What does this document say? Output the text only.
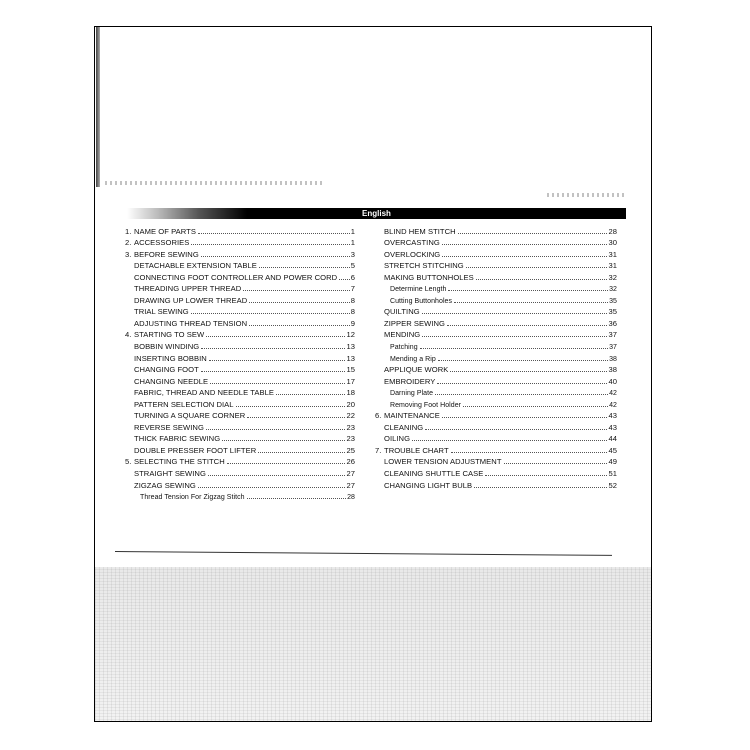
English
1. NAME OF PARTS	1
2. ACCESSORIES	1
3. BEFORE SEWING	3
DETACHABLE EXTENSION TABLE	5
CONNECTING FOOT CONTROLLER AND POWER CORD 6
THREADING UPPER THREAD	7
DRAWING UP LOWER THREAD	8
TRIAL SEWING	8
ADJUSTING THREAD TENSION	9
4. STARTING TO SEW	12
BOBBIN WINDING	13
INSERTING BOBBIN	13
CHANGING FOOT	15
CHANGING NEEDLE	17
FABRIC, THREAD AND NEEDLE TABLE	18
PATTERN SELECTION DIAL	20
TURNING A SQUARE CORNER	22
REVERSE SEWING	23
THICK FABRIC SEWING	23
DOUBLE PRESSER FOOT LIFTER	25
5. SELECTING THE STITCH	26
STRAIGHT SEWING	27
ZIGZAG SEWING	27
Thread Tension For Zigzag Stitch	28
BLIND HEM STITCH	28
OVERCASTING	30
OVERLOCKING	31
STRETCH STITCHING	31
MAKING BUTTONHOLES	32
Determine Length	32
Cutting Buttonholes	35
QUILTING	35
ZIPPER SEWING	36
MENDING	37
Patching	37
Mending a Rip	38
APPLIQUE WORK	38
EMBROIDERY	40
Darning Plate	42
Removing Foot Holder	42
6. MAINTENANCE	43
CLEANING	43
OILING	44
7. TROUBLE CHART	45
LOWER TENSION ADJUSTMENT	49
CLEANING SHUTTLE CASE	51
CHANGING LIGHT BULB	52
